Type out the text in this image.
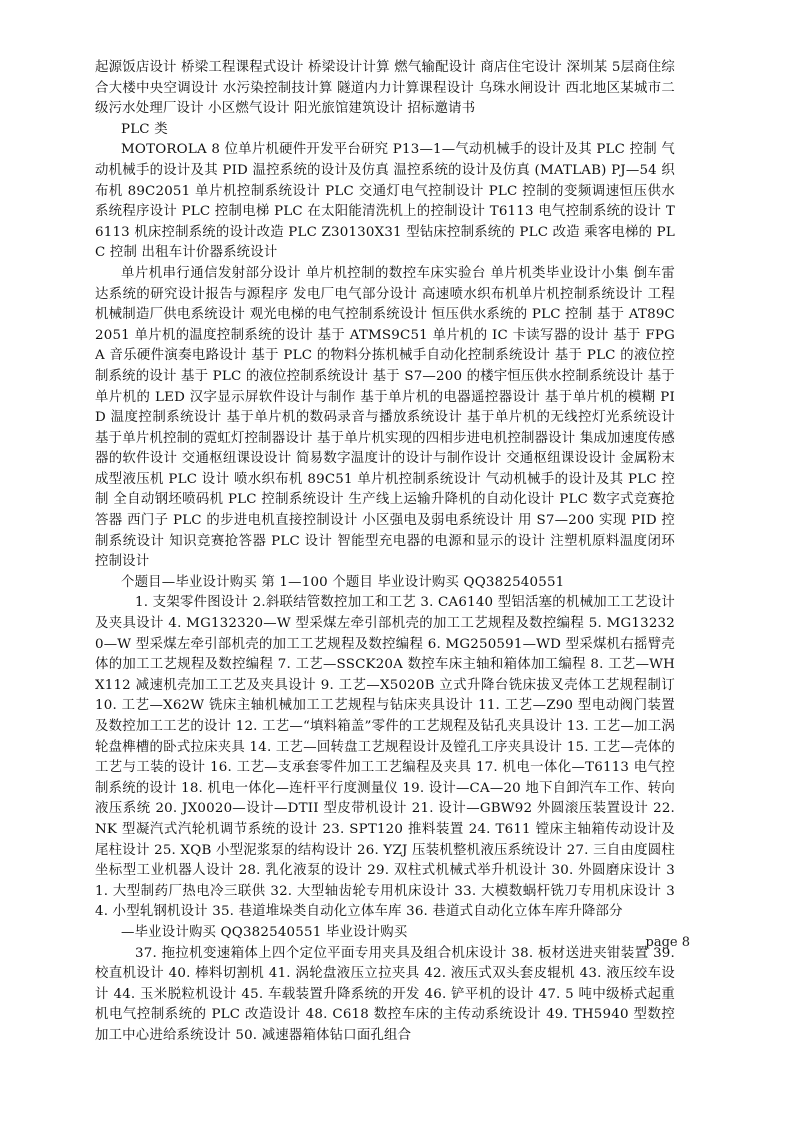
起源饭店设计 桥梁工程课程式设计 桥梁设计计算 燃气输配设计 商店住宅设计 深圳某 5层商住综合大楼中央空调设计 水污染控制技计算 隧道内力计算课程设计 乌珠水闸设计 西北地区某城市二级污水处理厂设计 小区燃气设计 阳光旅馆建筑设计 招标邀请书

PLC 类

MOTOROLA 8 位单片机硬件开发平台研究 P13—1—气动机械手的设计及其 PLC 控制 气动机械手的设计及其 PID 温控系统的设计及仿真 温控系统的设计及仿真 (MATLAB) PJ—54 织布机 89C2051 单片机控制系统设计 PLC 交通灯电气控制设计 PLC 控制的变频调速恒压供水系统程序设计 PLC 控制电梯 PLC 在太阳能清洗机上的控制设计 T6113 电气控制系统的设计 T6113 机床控制系统的设计改造 PLC Z30130X31 型钻床控制系统的 PLC 改造 乘客电梯的 PLC 控制 出租车计价器系统设计

单片机串行通信发射部分设计 单片机控制的数控车床实验台 单片机类毕业设计小集 倒车雷达系统的研究设计报告与源程序 发电厂电气部分设计 高速喷水织布机单片机控制系统设计 工程机械制造厂供电系统设计 观光电梯的电气控制系统设计 恒压供水系统的 PLC 控制 基于 AT89C2051 单片机的温度控制系统的设计 基于 ATMS9C51 单片机的 IC 卡读写器的设计 基于 FPGA 音乐硬件演奏电路设计 基于 PLC 的物料分拣机械手自动化控制系统设计 基于 PLC 的液位控制系统的设计 基于 PLC 的液位控制系统设计 基于 S7—200 的楼宇恒压供水控制系统设计 基于单片机的 LED 汉字显示屏软件设计与制作 基于单片机的电器遥控器设计 基于单片机的模糊 PID 温度控制系统设计 基于单片机的数码录音与播放系统设计 基于单片机的无线控灯光系统设计 基于单片机控制的霓虹灯控制器设计 基于单片机实现的四相步进电机控制器设计 集成加速度传感器的软件设计 交通枢纽课设设计 简易数字温度计的设计与制作设计 交通枢纽课设设计 金属粉末成型液压机 PLC 设计 喷水织布机 89C51 单片机控制系统设计 气动机械手的设计及其 PLC 控制 全自动钢坯喷码机 PLC 控制系统设计 生产线上运输升降机的自动化设计 PLC 数字式竞赛抢答器 西门子 PLC 的步进电机直接控制设计 小区强电及弱电系统设计 用 S7—200 实现 PID 控制系统设计 知识竞赛抢答器 PLC 设计 智能型充电器的电源和显示的设计 注塑机原料温度闭环控制设计

个题目—毕业设计购买 第 1—100 个题目 毕业设计购买 QQ382540551

1. 支架零件图设计 2.斜联结管数控加工和工艺 3. CA6140 型铝活塞的机械加工工艺设计及夹具设计 4. MG132320—W 型采煤左牵引部机壳的加工工艺规程及数控编程 5. MG132320—W 型采煤左牵引部机壳的加工工艺规程及数控编程 6. MG250591—WD 型采煤机右摇臂壳体的加工工艺规程及数控编程 7. 工艺—SSCK20A 数控车床主轴和箱体加工编程 8. 工艺—WHX112 减速机壳加工工艺及夹具设计 9. 工艺—X5020B 立式升降台铣床拔叉壳体工艺规程制订 10. 工艺—X62W 铣床主轴机械加工工艺规程与钻床夹具设计 11. 工艺—Z90 型电动阀门装置及数控加工工艺的设计 12. 工艺—“填料箱盖”零件的工艺规程及钻孔夹具设计 13. 工艺—加工涡轮盘榫槽的卧式拉床夹具 14. 工艺—回转盘工艺规程设计及镗孔工序夹具设计 15. 工艺—壳体的工艺与工装的设计 16. 工艺—支承套零件加工工艺编程及夹具 17. 机电一体化—T6113 电气控制系统的设计 18. 机电一体化—连杆平行度测量仪 19. 设计—CA—20 地下自卸汽车工作、转向液压系统 20. JX0020—设计—DTII 型皮带机设计 21. 设计—GBW92 外圆滚压装置设计 22. NK 型凝汽式汽轮机调节系统的设计 23. SPT120 推料装置 24. T611 镗床主轴箱传动设计及尾柱设计 25. XQB 小型泥浆泵的结构设计 26. YZJ 压装机整机液压系统设计 27. 三自由度圆柱坐标型工业机器人设计 28. 乳化液泵的设计 29. 双柱式机械式举升机设计 30. 外圆磨床设计 31. 大型制药厂热电冷三联供 32. 大型轴齿轮专用机床设计 33. 大模数蜗杆铣刀专用机床设计 34. 小型轧钢机设计 35. 巷道堆垛类自动化立体车库 36. 巷道式自动化立体车库升降部分

—毕业设计购买 QQ382540551 毕业设计购买

37. 拖拉机变速箱体上四个定位平面专用夹具及组合机床设计 38. 板材送进夹钳装置 39. 校直机设计 40. 棒料切割机 41. 涡轮盘液压立拉夹具 42. 液压式双头套皮辊机 43. 液压绞车设计 44. 玉米脱粒机设计 45. 车载装置升降系统的开发 46. 铲平机的设计 47. 5 吨中级桥式起重机电气控制系统的 PLC 改造设计 48. C618 数控车床的主传动系统设计 49. TH5940 型数控加工中心进给系统设计 50. 减速器箱体钻口面孔组合

page 8
